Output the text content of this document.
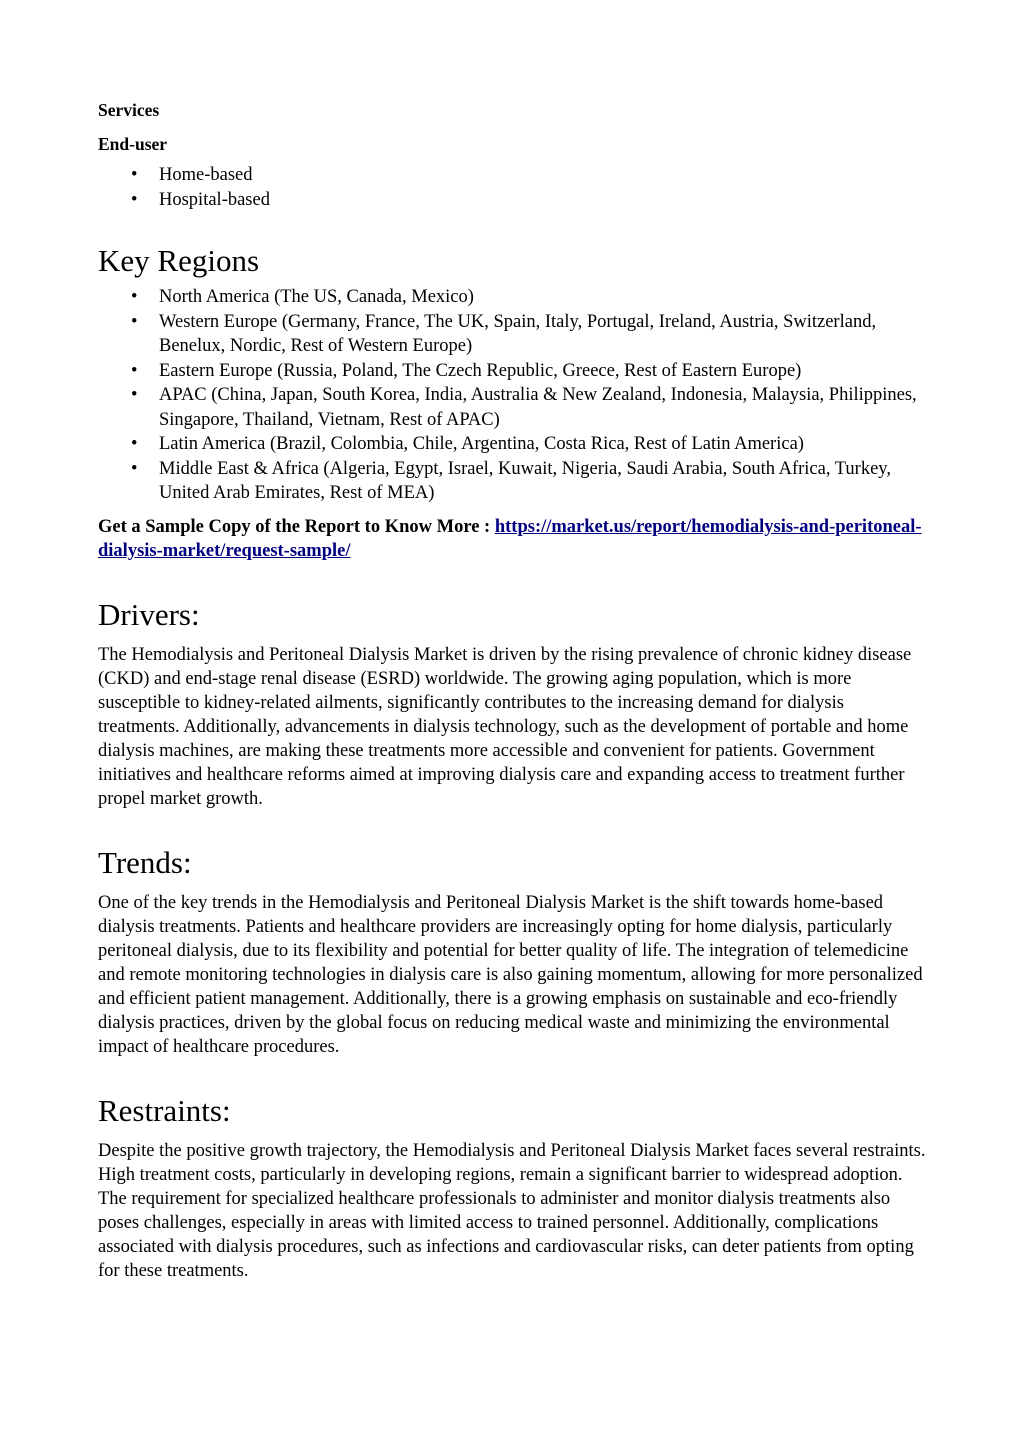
Services

End-user

• Home-based
• Hospital-based
Key Regions
• North America (The US, Canada, Mexico)
• Western Europe (Germany, France, The UK, Spain, Italy, Portugal, Ireland, Austria, Switzerland, Benelux, Nordic, Rest of Western Europe)
• Eastern Europe (Russia, Poland, The Czech Republic, Greece, Rest of Eastern Europe)
• APAC (China, Japan, South Korea, India, Australia & New Zealand, Indonesia, Malaysia, Philippines, Singapore, Thailand, Vietnam, Rest of APAC)
• Latin America (Brazil, Colombia, Chile, Argentina, Costa Rica, Rest of Latin America)
• Middle East & Africa (Algeria, Egypt, Israel, Kuwait, Nigeria, Saudi Arabia, South Africa, Turkey, United Arab Emirates, Rest of MEA)

Get a Sample Copy of the Report to Know More : https://market.us/report/hemodialysis-and-peritoneal-dialysis-market/request-sample/

Drivers:

The Hemodialysis and Peritoneal Dialysis Market is driven by the rising prevalence of chronic kidney disease (CKD) and end-stage renal disease (ESRD) worldwide. The growing aging population, which is more susceptible to kidney-related ailments, significantly contributes to the increasing demand for dialysis treatments. Additionally, advancements in dialysis technology, such as the development of portable and home dialysis machines, are making these treatments more accessible and convenient for patients. Government initiatives and healthcare reforms aimed at improving dialysis care and expanding access to treatment further propel market growth.

Trends:

One of the key trends in the Hemodialysis and Peritoneal Dialysis Market is the shift towards home-based dialysis treatments. Patients and healthcare providers are increasingly opting for home dialysis, particularly peritoneal dialysis, due to its flexibility and potential for better quality of life. The integration of telemedicine and remote monitoring technologies in dialysis care is also gaining momentum, allowing for more personalized and efficient patient management. Additionally, there is a growing emphasis on sustainable and eco-friendly dialysis practices, driven by the global focus on reducing medical waste and minimizing the environmental impact of healthcare procedures.

Restraints:

Despite the positive growth trajectory, the Hemodialysis and Peritoneal Dialysis Market faces several restraints. High treatment costs, particularly in developing regions, remain a significant barrier to widespread adoption. The requirement for specialized healthcare professionals to administer and monitor dialysis treatments also poses challenges, especially in areas with limited access to trained personnel. Additionally, complications associated with dialysis procedures, such as infections and cardiovascular risks, can deter patients from opting for these treatments.
